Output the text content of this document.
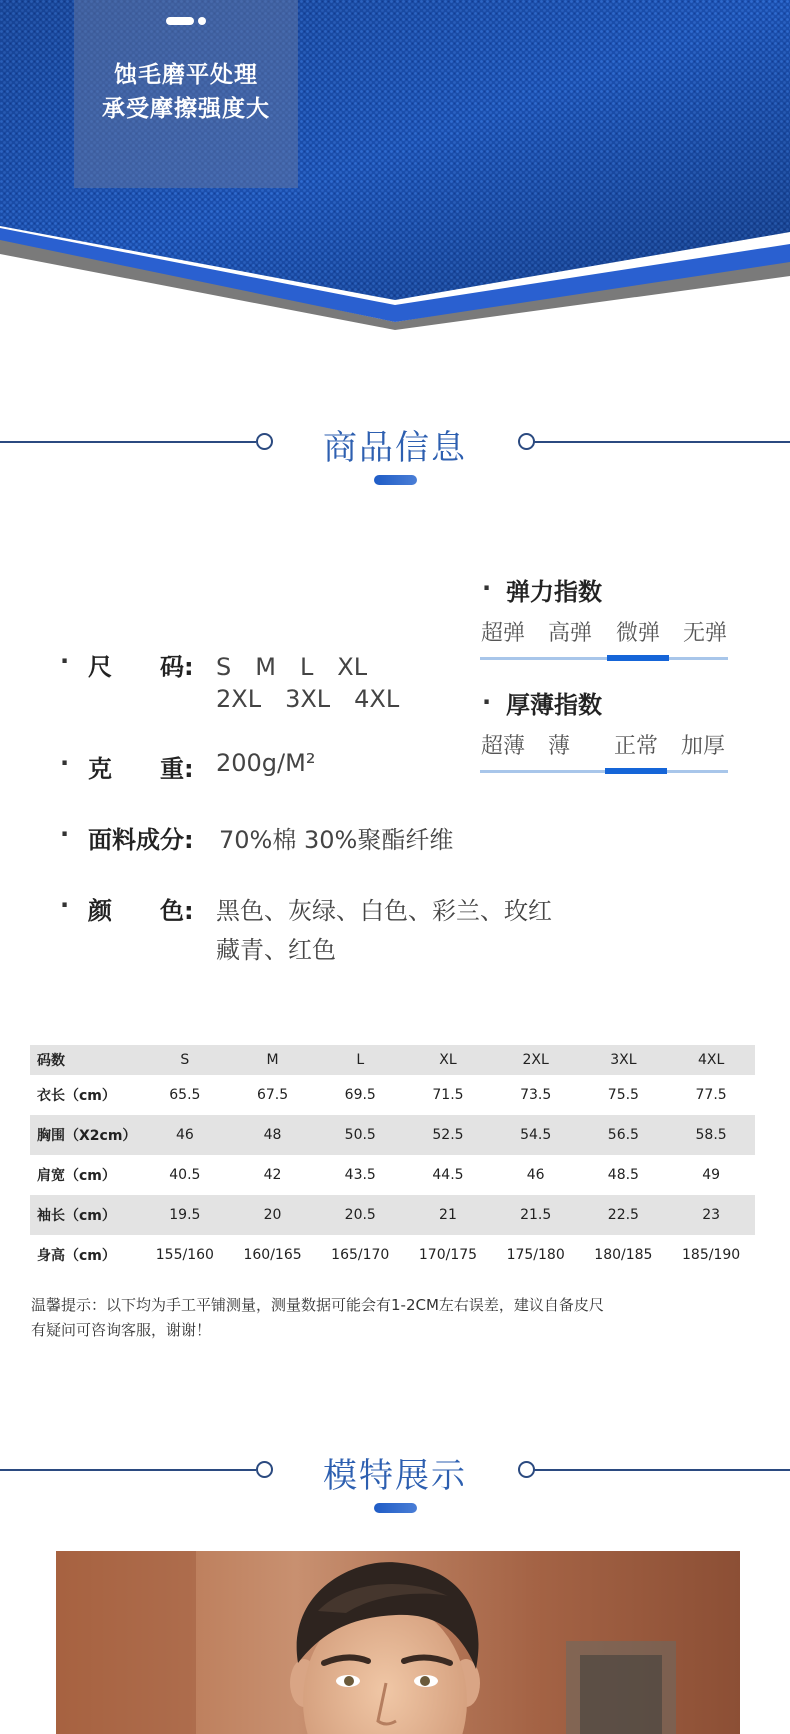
蚀毛磨平处理
承受摩擦强度大
商品信息
· 尺　　码: S　M　L　XL
2XL　3XL　4XL
· 克　　重: 200g/M²
· 面料成分: 70%棉 30%聚酯纤维
· 颜　　色: 黑色、灰绿、白色、彩兰、玫红
藏青、红色
· 弹力指数
超弹	高弹	微弹	无弹
· 厚薄指数
超薄	薄	正常	加厚
码数	S	M	L	XL	2XL	3XL	4XL
衣长（cm）	65.5	67.5	69.5	71.5	73.5	75.5	77.5
胸围（X2cm）	46	48	50.5	52.5	54.5	56.5	58.5
肩宽（cm）	40.5	42	43.5	44.5	46	48.5	49
袖长（cm）	19.5	20	20.5	21	21.5	22.5	23
身高（cm）	155/160	160/165	165/170	170/175	175/180	180/185	185/190
温馨提示：以下均为手工平铺测量，测量数据可能会有1-2CM左右误差，建议自备皮尺
有疑问可咨询客服，谢谢！
模特展示
